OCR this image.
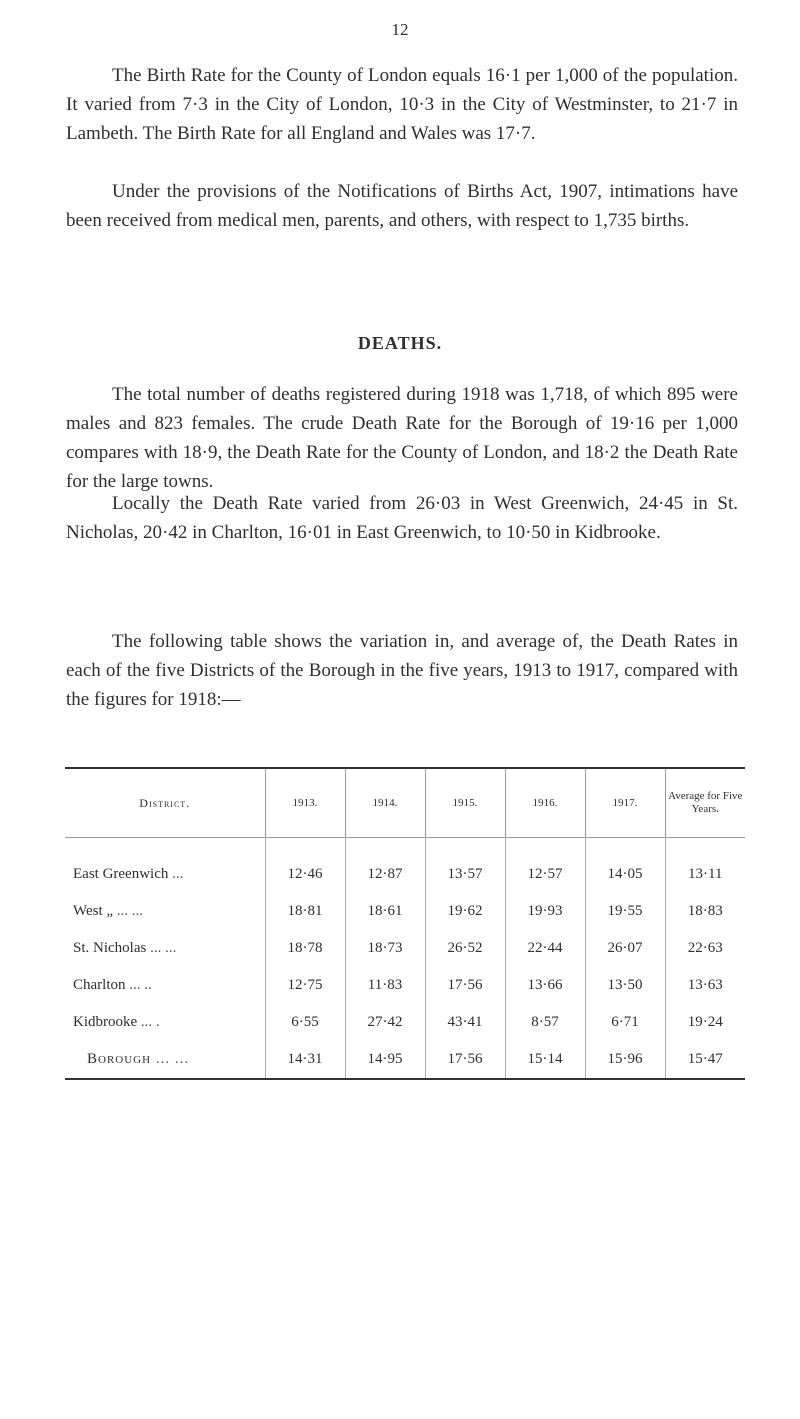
12

The Birth Rate for the County of London equals 16·1 per 1,000 of the population. It varied from 7·3 in the City of London, 10·3 in the City of Westminster, to 21·7 in Lambeth. The Birth Rate for all England and Wales was 17·7.

Under the provisions of the Notifications of Births Act, 1907, intimations have been received from medical men, parents, and others, with respect to 1,735 births.

DEATHS.

The total number of deaths registered during 1918 was 1,718, of which 895 were males and 823 females. The crude Death Rate for the Borough of 19·16 per 1,000 compares with 18·9, the Death Rate for the County of London, and 18·2 the Death Rate for the large towns.

Locally the Death Rate varied from 26·03 in West Greenwich, 24·45 in St. Nicholas, 20·42 in Charlton, 16·01 in East Greenwich, to 10·50 in Kidbrooke.

The following table shows the variation in, and average of, the Death Rates in each of the five Districts of the Borough in the five years, 1913 to 1917, compared with the figures for 1918:—

District.	1913.	1914.	1915.	1916.	1917.	Average for Five Years.
East Greenwich ...	12·46	12·87	13·57	12·57	14·05	13·11
West „ ... ...	18·81	18·61	19·62	19·93	19·55	18·83
St. Nicholas ... ...	18·78	18·73	26·52	22·44	26·07	22·63
Charlton ... ..	12·75	11·83	17·56	13·66	13·50	13·63
Kidbrooke ... .	6·55	27·42	43·41	8·57	6·71	19·24
Borough ... ...	14·31	14·95	17·56	15·14	15·96	15·47
